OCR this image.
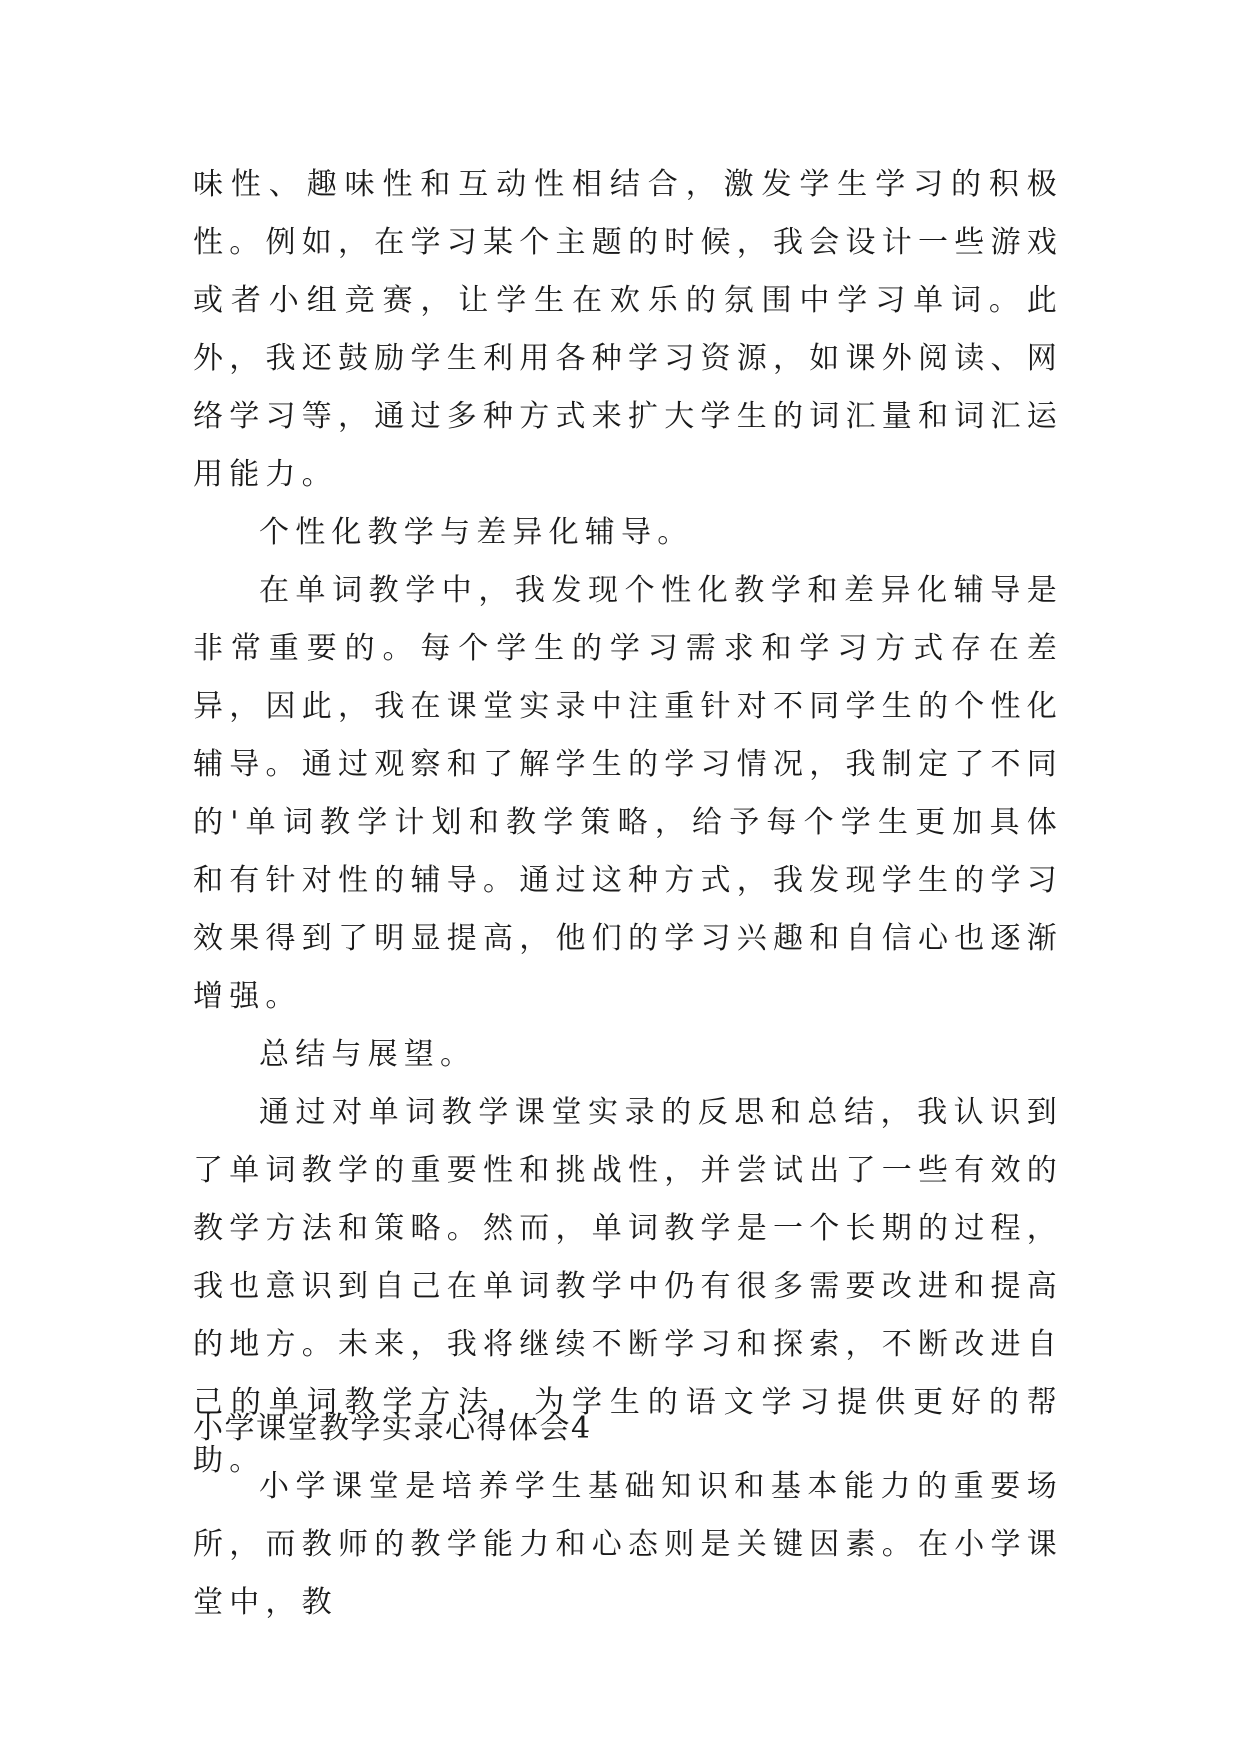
味性、趣味性和互动性相结合，激发学生学习的积极性。例如，在学习某个主题的时候，我会设计一些游戏或者小组竞赛，让学生在欢乐的氛围中学习单词。此外，我还鼓励学生利用各种学习资源，如课外阅读、网络学习等，通过多种方式来扩大学生的词汇量和词汇运用能力。

个性化教学与差异化辅导。

在单词教学中，我发现个性化教学和差异化辅导是非常重要的。每个学生的学习需求和学习方式存在差异，因此，我在课堂实录中注重针对不同学生的个性化辅导。通过观察和了解学生的学习情况，我制定了不同的'单词教学计划和教学策略，给予每个学生更加具体和有针对性的辅导。通过这种方式，我发现学生的学习效果得到了明显提高，他们的学习兴趣和自信心也逐渐增强。

总结与展望。

通过对单词教学课堂实录的反思和总结，我认识到了单词教学的重要性和挑战性，并尝试出了一些有效的教学方法和策略。然而，单词教学是一个长期的过程，我也意识到自己在单词教学中仍有很多需要改进和提高的地方。未来，我将继续不断学习和探索，不断改进自己的单词教学方法，为学生的语文学习提供更好的帮助。

小学课堂教学实录心得体会4

小学课堂是培养学生基础知识和基本能力的重要场所，而教师的教学能力和心态则是关键因素。在小学课堂中，教
